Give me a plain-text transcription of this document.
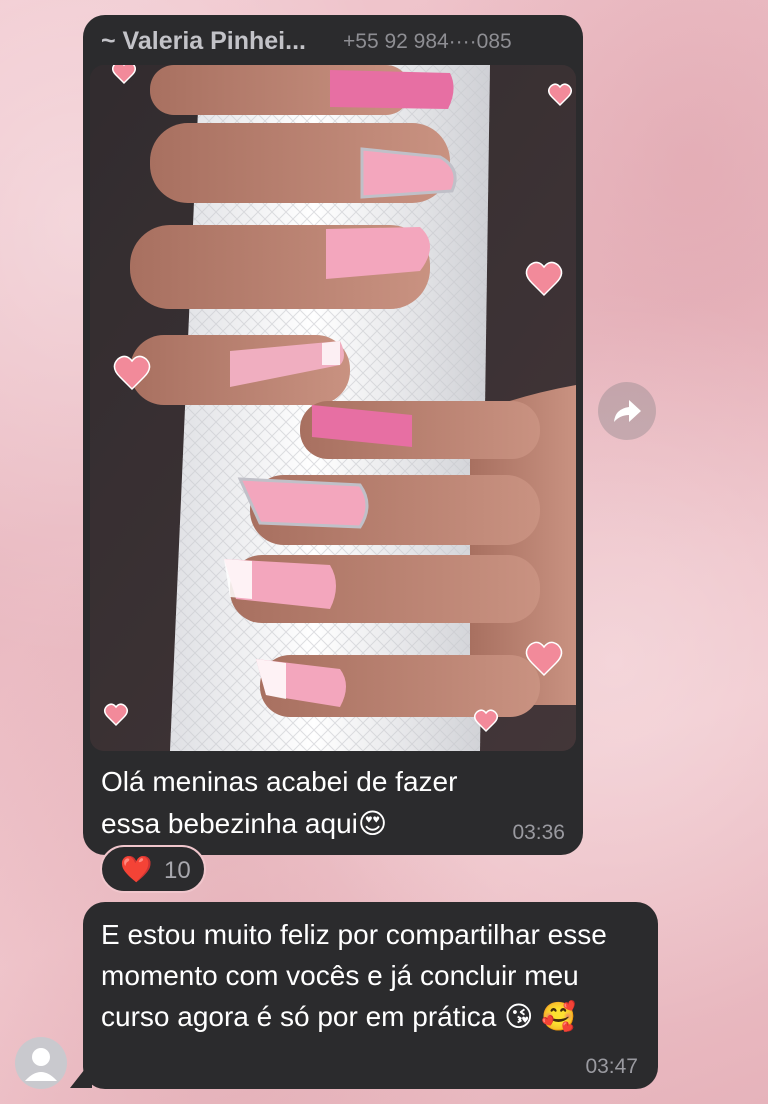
~ Valeria Pinhei... +55 92 984····085
Olá meninas acabei de fazer essa bebezinha aqui😍	03:36
❤️ 10
E estou muito feliz por compartilhar esse momento com vocês e já concluir meu curso agora é só por em prática 😘 🥰
03:47
